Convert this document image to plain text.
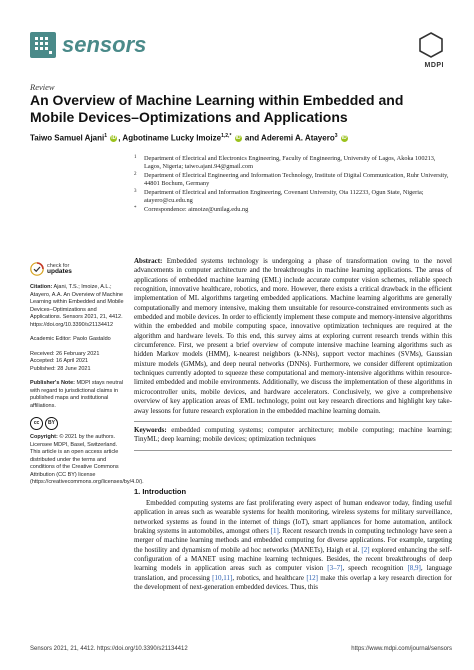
sensors
MDPI
Review
An Overview of Machine Learning within Embedded and Mobile Devices–Optimizations and Applications
Taiwo Samuel Ajani$^1$ iD , Agbotiname Lucky Imoize$^{1,2,*}$ iD and Aderemi A. Atayero$^3$ iD
1 Department of Electrical and Electronics Engineering, Faculty of Engineering, University of Lagos, Akoka 100213, Lagos, Nigeria; taiwo.ajani.94@gmail.com
2 Department of Electrical Engineering and Information Technology, Institute of Digital Communication, Ruhr University, 44801 Bochum, Germany
3 Department of Electrical and Information Engineering, Covenant University, Ota 112233, Ogun State, Nigeria; atayero@cu.edu.ng
* Correspondence: aimoize@unilag.edu.ng
check for
updates
Citation: Ajani, T.S.; Imoize, A.L.; Atayero, A.A. An Overview of Machine Learning within Embedded and Mobile Devices–Optimizations and Applications. Sensors 2021, 21, 4412. https://doi.org/10.3390/s21134412
Academic Editor: Paolo Gastaldo
Received: 26 February 2021
Accepted: 16 April 2021
Published: 28 June 2021
Publisher's Note: MDPI stays neutral with regard to jurisdictional claims in published maps and institutional affiliations.
cc	BY
Copyright: © 2021 by the authors. Licensee MDPI, Basel, Switzerland. This article is an open access article distributed under the terms and conditions of the Creative Commons Attribution (CC BY) license (https://creativecommons.org/licenses/by/4.0/).
Abstract: Embedded systems technology is undergoing a phase of transformation owing to the novel advancements in computer architecture and the breakthroughs in machine learning applications. The areas of applications of embedded machine learning (EML) include accurate computer vision schemes, reliable speech recognition, innovative healthcare, robotics, and more. However, there exists a critical drawback in the efficient implementation of ML algorithms targeting embedded applications. Machine learning algorithms are generally computationally and memory intensive, making them unsuitable for resource-constrained environments such as embedded and mobile devices. In order to efficiently implement these compute and memory-intensive algorithms within the embedded and mobile computing space, innovative optimization techniques are required at the algorithm and hardware levels. To this end, this survey aims at exploring current research trends within this circumference. First, we present a brief overview of compute intensive machine learning algorithms such as hidden Markov models (HMM), k-nearest neighbors (k-NNs), support vector machines (SVMs), Gaussian mixture models (GMMs), and deep neural networks (DNNs). Furthermore, we consider different optimization techniques currently adopted to squeeze these computational and memory-intensive algorithms within resource-limited embedded and mobile environments. Additionally, we discuss the implementation of these algorithms in microcontroller units, mobile devices, and hardware accelerators. Conclusively, we give a comprehensive overview of key application areas of EML technology, point out key research directions and highlight key take-away lessons for future research exploration in the embedded machine learning domain.
Keywords: embedded computing systems; computer architecture; mobile computing; machine learning; TinyML; deep learning; mobile devices; optimization techniques
1. Introduction
Embedded computing systems are fast proliferating every aspect of human endeavor today, finding useful application in areas such as wearable systems for health monitoring, wireless systems for military surveillance, networked systems as found in the internet of things (IoT), smart appliances for home automation, antilock braking systems in automobiles, amongst others [1]. Recent research trends in computing technology have seen a merger of machine learning methods and embedded computing for diverse applications. For example, targeting the hostility and dynamism of mobile ad hoc networks (MANETs), Haigh et al. [2] explored enhancing the self-configuration of a MANET using machine learning techniques. Besides, the recent breakthroughs of deep learning models in application areas such as computer vision [3–7], speech recognition [8,9], language translation, and processing [10,11], robotics, and healthcare [12] make this overlap a key research direction for the development of next-generation embedded devices. Thus, this
Sensors 2021, 21, 4412. https://doi.org/10.3390/s21134412	https://www.mdpi.com/journal/sensors
